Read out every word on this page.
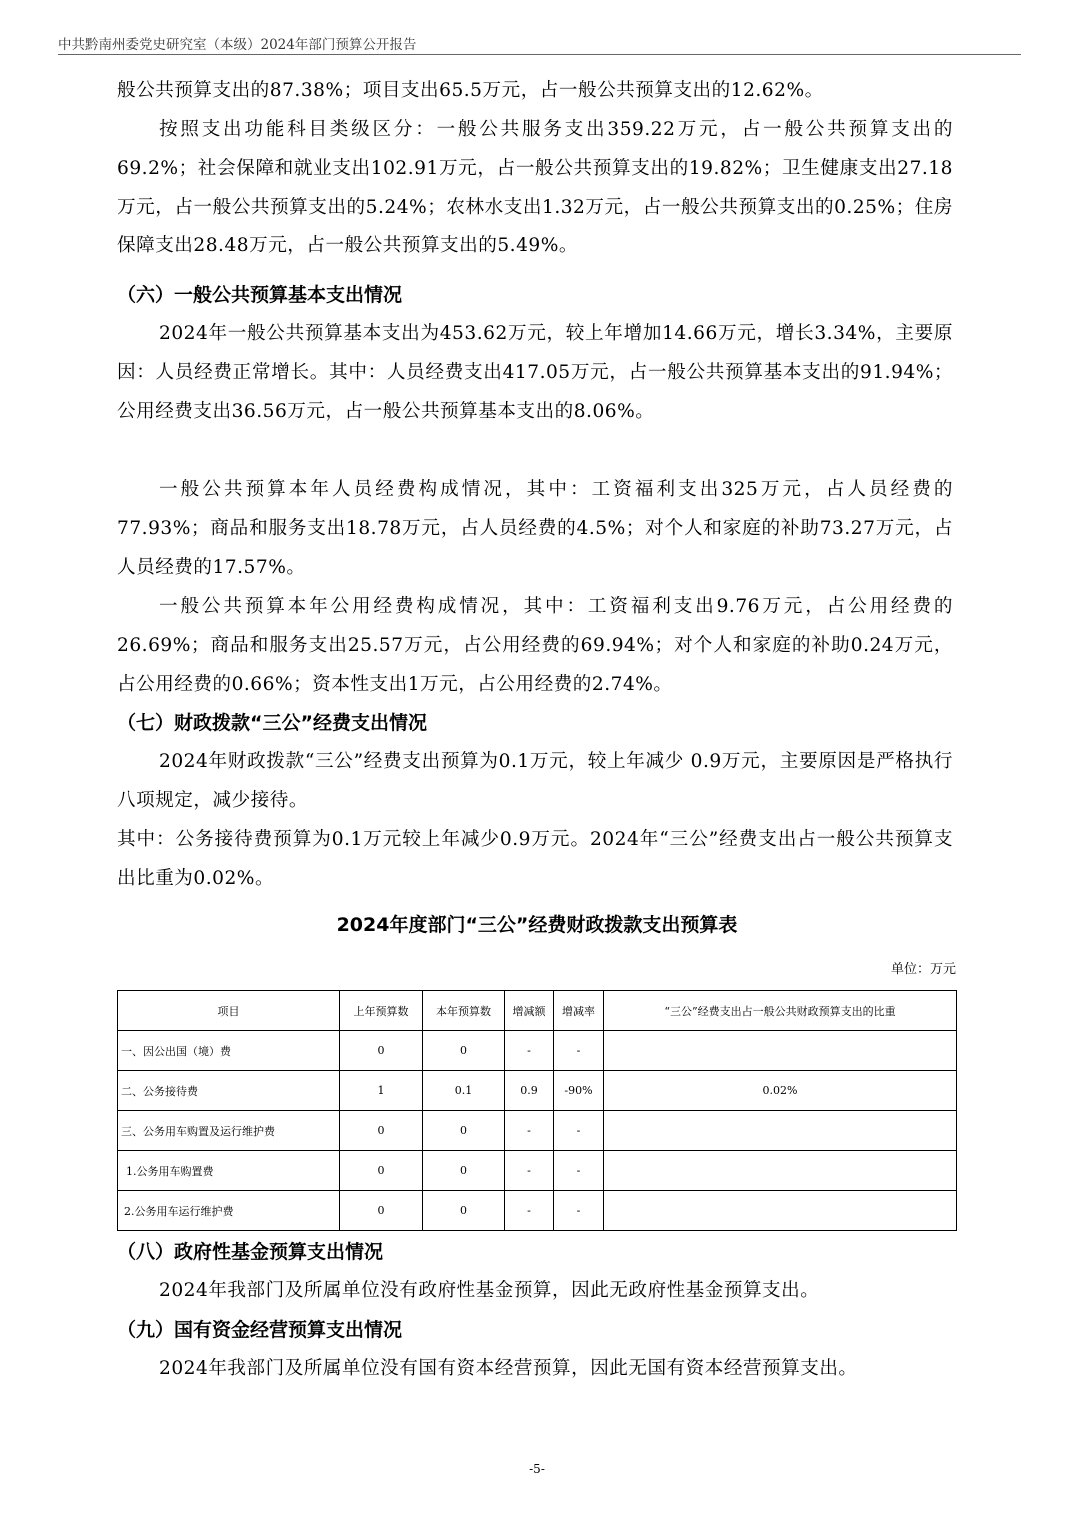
中共黔南州委党史研究室（本级）2024年部门预算公开报告

般公共预算支出的87.38%；项目支出65.5万元，占一般公共预算支出的12.62%。

按照支出功能科目类级区分：一般公共服务支出359.22万元，占一般公共预算支出的69.2%；社会保障和就业支出102.91万元，占一般公共预算支出的19.82%；卫生健康支出27.18万元，占一般公共预算支出的5.24%；农林水支出1.32万元，占一般公共预算支出的0.25%；住房保障支出28.48万元，占一般公共预算支出的5.49%。

（六）一般公共预算基本支出情况

2024年一般公共预算基本支出为453.62万元，较上年增加14.66万元，增长3.34%，主要原因：人员经费正常增长。其中：人员经费支出417.05万元，占一般公共预算基本支出的91.94%；公用经费支出36.56万元，占一般公共预算基本支出的8.06%。

一般公共预算本年人员经费构成情况，其中：工资福利支出325万元，占人员经费的77.93%；商品和服务支出18.78万元，占人员经费的4.5%；对个人和家庭的补助73.27万元，占人员经费的17.57%。

一般公共预算本年公用经费构成情况，其中：工资福利支出9.76万元，占公用经费的26.69%；商品和服务支出25.57万元，占公用经费的69.94%；对个人和家庭的补助0.24万元，占公用经费的0.66%；资本性支出1万元，占公用经费的2.74%。

（七）财政拨款“三公”经费支出情况

2024年财政拨款“三公”经费支出预算为0.1万元，较上年减少 0.9万元，主要原因是严格执行八项规定，减少接待。

其中：公务接待费预算为0.1万元较上年减少0.9万元。2024年“三公”经费支出占一般公共预算支出比重为0.02%。

2024年度部门“三公”经费财政拨款支出预算表
单位：万元
项目	上年预算数	本年预算数	增减额	增减率	“三公”经费支出占一般公共财政预算支出的比重
一、因公出国（境）费	0	0	-	-	
二、公务接待费	1	0.1	0.9	-90%	0.02%
三、公务用车购置及运行维护费	0	0	-	-	
1.公务用车购置费	0	0	-	-	
2.公务用车运行维护费	0	0	-	-	
（八）政府性基金预算支出情况

2024年我部门及所属单位没有政府性基金预算，因此无政府性基金预算支出。

（九）国有资金经营预算支出情况

2024年我部门及所属单位没有国有资本经营预算，因此无国有资本经营预算支出。

-5-
